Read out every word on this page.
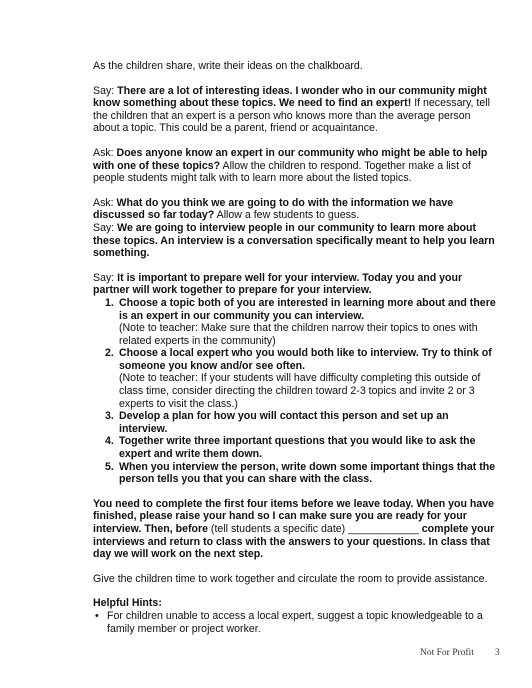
As the children share, write their ideas on the chalkboard.

Say: There are a lot of interesting ideas. I wonder who in our community might know something about these topics. We need to find an expert! If necessary, tell the children that an expert is a person who knows more than the average person about a topic. This could be a parent, friend or acquaintance.

Ask: Does anyone know an expert in our community who might be able to help with one of these topics? Allow the children to respond. Together make a list of people students might talk with to learn more about the listed topics.

Ask: What do you think we are going to do with the information we have discussed so far today? Allow a few students to guess.
Say: We are going to interview people in our community to learn more about these topics. An interview is a conversation specifically meant to help you learn something.

Say: It is important to prepare well for your interview. Today you and your partner will work together to prepare for your interview.

1. Choose a topic both of you are interested in learning more about and there is an expert in our community you can interview.
(Note to teacher: Make sure that the children narrow their topics to ones with related experts in the community)
2. Choose a local expert who you would both like to interview. Try to think of someone you know and/or see often.
(Note to teacher: If your students will have difficulty completing this outside of class time, consider directing the children toward 2-3 topics and invite 2 or 3 experts to visit the class.)
3. Develop a plan for how you will contact this person and set up an interview.
4. Together write three important questions that you would like to ask the expert and write them down.
5. When you interview the person, write down some important things that the person tells you that you can share with the class.

You need to complete the first four items before we leave today. When you have finished, please raise your hand so I can make sure you are ready for your interview. Then, before (tell students a specific date) ____________ complete your interviews and return to class with the answers to your questions. In class that day we will work on the next step.

Give the children time to work together and circulate the room to provide assistance.

Helpful Hints:

• For children unable to access a local expert, suggest a topic knowledgeable to a family member or project worker.
Not For Profit 3
